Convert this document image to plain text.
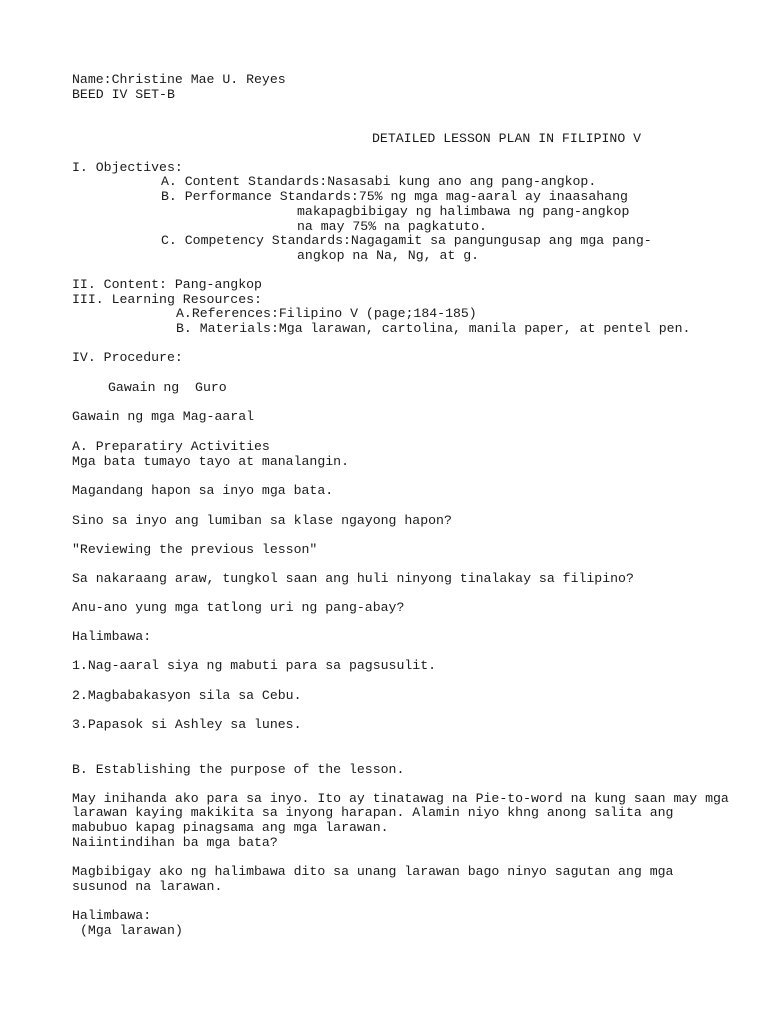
Name:Christine Mae U. Reyes
BEED IV SET-B
DETAILED LESSON PLAN IN FILIPINO V
I. Objectives:
A. Content Standards:Nasasabi kung ano ang pang-angkop.
B. Performance Standards:75% ng mga mag-aaral ay inaasahang
makapagbibigay ng halimbawa ng pang-angkop
na may 75% na pagkatuto.
C. Competency Standards:Nagagamit sa pangungusap ang mga pang-
angkop na Na, Ng, at g.
II. Content: Pang-angkop
III. Learning Resources:
A.References:Filipino V (page;184-185)
B. Materials:Mga larawan, cartolina, manila paper, at pentel pen.
IV. Procedure:
Gawain ng  Guro
Gawain ng mga Mag-aaral
A. Preparatiry Activities
Mga bata tumayo tayo at manalangin.
Magandang hapon sa inyo mga bata.
Sino sa inyo ang lumiban sa klase ngayong hapon?
"Reviewing the previous lesson"
Sa nakaraang araw, tungkol saan ang huli ninyong tinalakay sa filipino?
Anu-ano yung mga tatlong uri ng pang-abay?
Halimbawa:
1.Nag-aaral siya ng mabuti para sa pagsusulit.
2.Magbabakasyon sila sa Cebu.
3.Papasok si Ashley sa lunes.
B. Establishing the purpose of the lesson.
May inihanda ako para sa inyo. Ito ay tinatawag na Pie-to-word na kung saan may mga
larawan kaying makikita sa inyong harapan. Alamin niyo khng anong salita ang
mabubuo kapag pinagsama ang mga larawan.
Naiintindihan ba mga bata?
Magbibigay ako ng halimbawa dito sa unang larawan bago ninyo sagutan ang mga
susunod na larawan.
Halimbawa:
(Mga larawan)
